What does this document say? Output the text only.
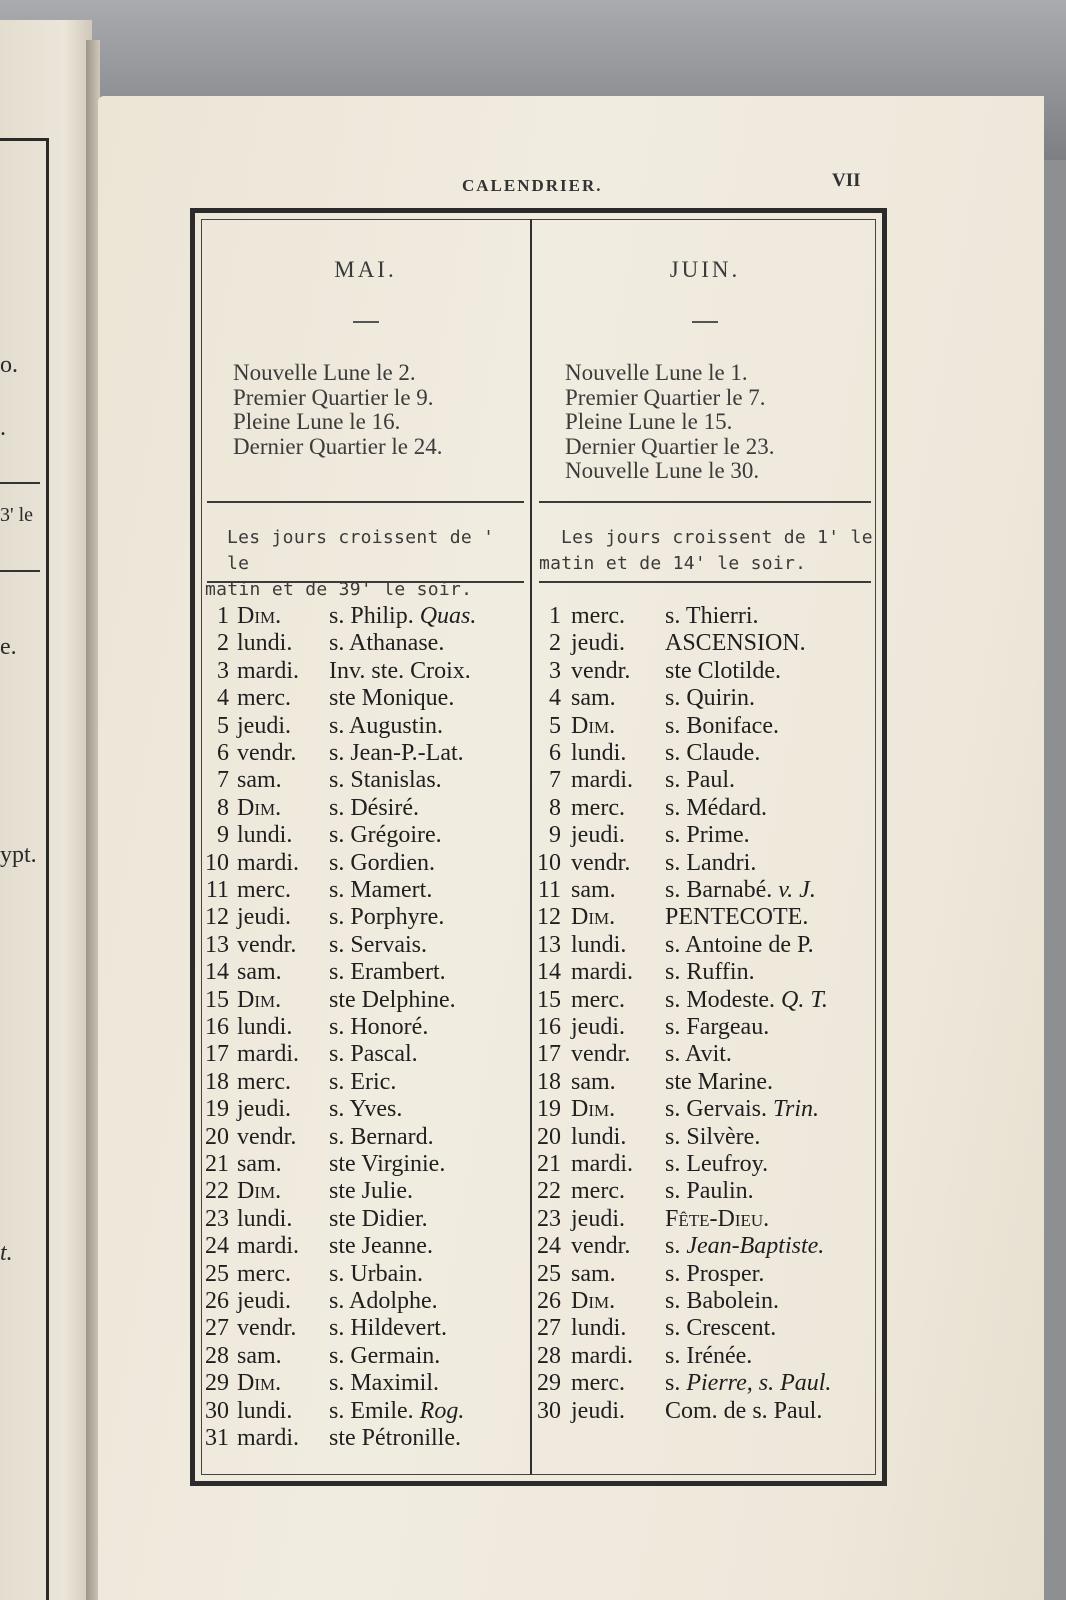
o.
.
3' le
e.
ypt.
t.
CALENDRIER.	VII
MAI.
Nouvelle Lune le 2.
Premier Quartier le 9.
Pleine Lune le 16.
Dernier Quartier le 24.
Les jours croissent de ' le
matin et de 39' le soir.
1 Dim. s. Philip. Quas.
2 lundi. s. Athanase.
3 mardi. Inv. ste. Croix.
4 merc. ste Monique.
5 jeudi. s. Augustin.
6 vendr. s. Jean-P.-Lat.
7 sam. s. Stanislas.
8 Dim. s. Désiré.
9 lundi. s. Grégoire.
10 mardi. s. Gordien.
11 merc. s. Mamert.
12 jeudi. s. Porphyre.
13 vendr. s. Servais.
14 sam. s. Erambert.
15 Dim. ste Delphine.
16 lundi. s. Honoré.
17 mardi. s. Pascal.
18 merc. s. Eric.
19 jeudi. s. Yves.
20 vendr. s. Bernard.
21 sam. ste Virginie.
22 Dim. ste Julie.
23 lundi. ste Didier.
24 mardi. ste Jeanne.
25 merc. s. Urbain.
26 jeudi. s. Adolphe.
27 vendr. s. Hildevert.
28 sam. s. Germain.
29 Dim. s. Maximil.
30 lundi. s. Emile. Rog.
31 mardi. ste Pétronille.
JUIN.
Nouvelle Lune le 1.
Premier Quartier le 7.
Pleine Lune le 15.
Dernier Quartier le 23.
Nouvelle Lune le 30.
Les jours croissent de 1' le
matin et de 14' le soir.
1 merc. s. Thierri.
2 jeudi. ASCENSION.
3 vendr. ste Clotilde.
4 sam. s. Quirin.
5 Dim. s. Boniface.
6 lundi. s. Claude.
7 mardi. s. Paul.
8 merc. s. Médard.
9 jeudi. s. Prime.
10 vendr. s. Landri.
11 sam. s. Barnabé. v. J.
12 Dim. PENTECOTE.
13 lundi. s. Antoine de P.
14 mardi. s. Ruffin.
15 merc. s. Modeste. Q. T.
16 jeudi. s. Fargeau.
17 vendr. s. Avit.
18 sam. ste Marine.
19 Dim. s. Gervais. Trin.
20 lundi. s. Silvère.
21 mardi. s. Leufroy.
22 merc. s. Paulin.
23 jeudi. Fête-Dieu.
24 vendr. s. Jean-Baptiste.
25 sam. s. Prosper.
26 Dim. s. Babolein.
27 lundi. s. Crescent.
28 mardi. s. Irénée.
29 merc. s. Pierre, s. Paul.
30 jeudi. Com. de s. Paul.
